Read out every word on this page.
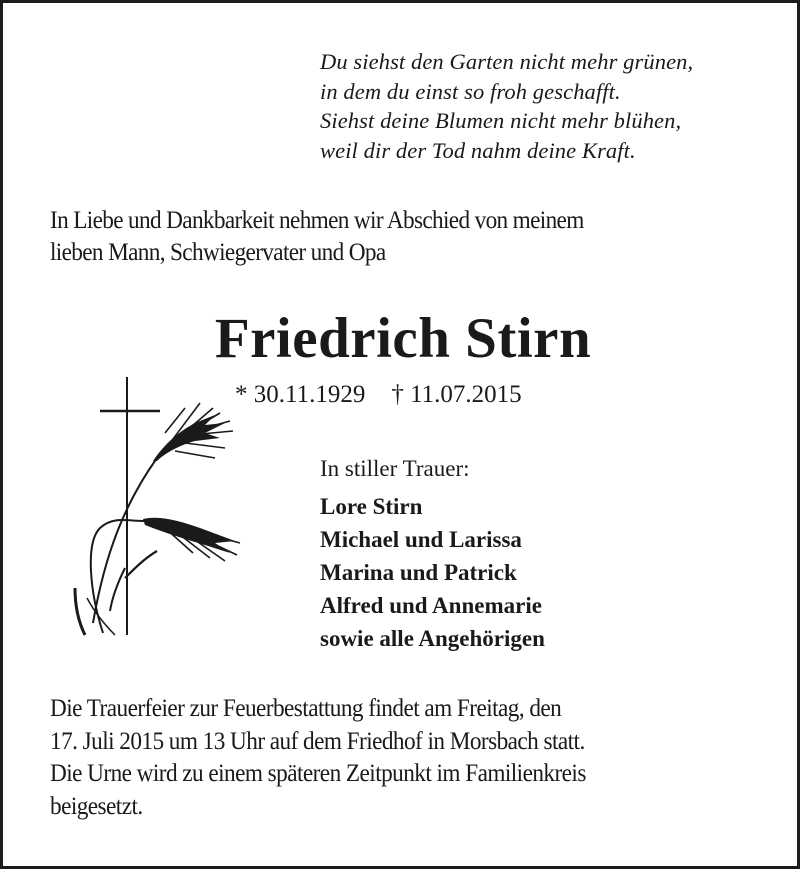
Du siehst den Garten nicht mehr grünen,
in dem du einst so froh geschafft.
Siehst deine Blumen nicht mehr blühen,
weil dir der Tod nahm deine Kraft.
In Liebe und Dankbarkeit nehmen wir Abschied von meinem
lieben Mann, Schwiegervater und Opa
Friedrich Stirn
* 30.11.1929 † 11.07.2015
In stiller Trauer:
Lore Stirn
Michael und Larissa
Marina und Patrick
Alfred und Annemarie
sowie alle Angehörigen
Die Trauerfeier zur Feuerbestattung findet am Freitag, den
17. Juli 2015 um 13 Uhr auf dem Friedhof in Morsbach statt.
Die Urne wird zu einem späteren Zeitpunkt im Familienkreis
beigesetzt.
